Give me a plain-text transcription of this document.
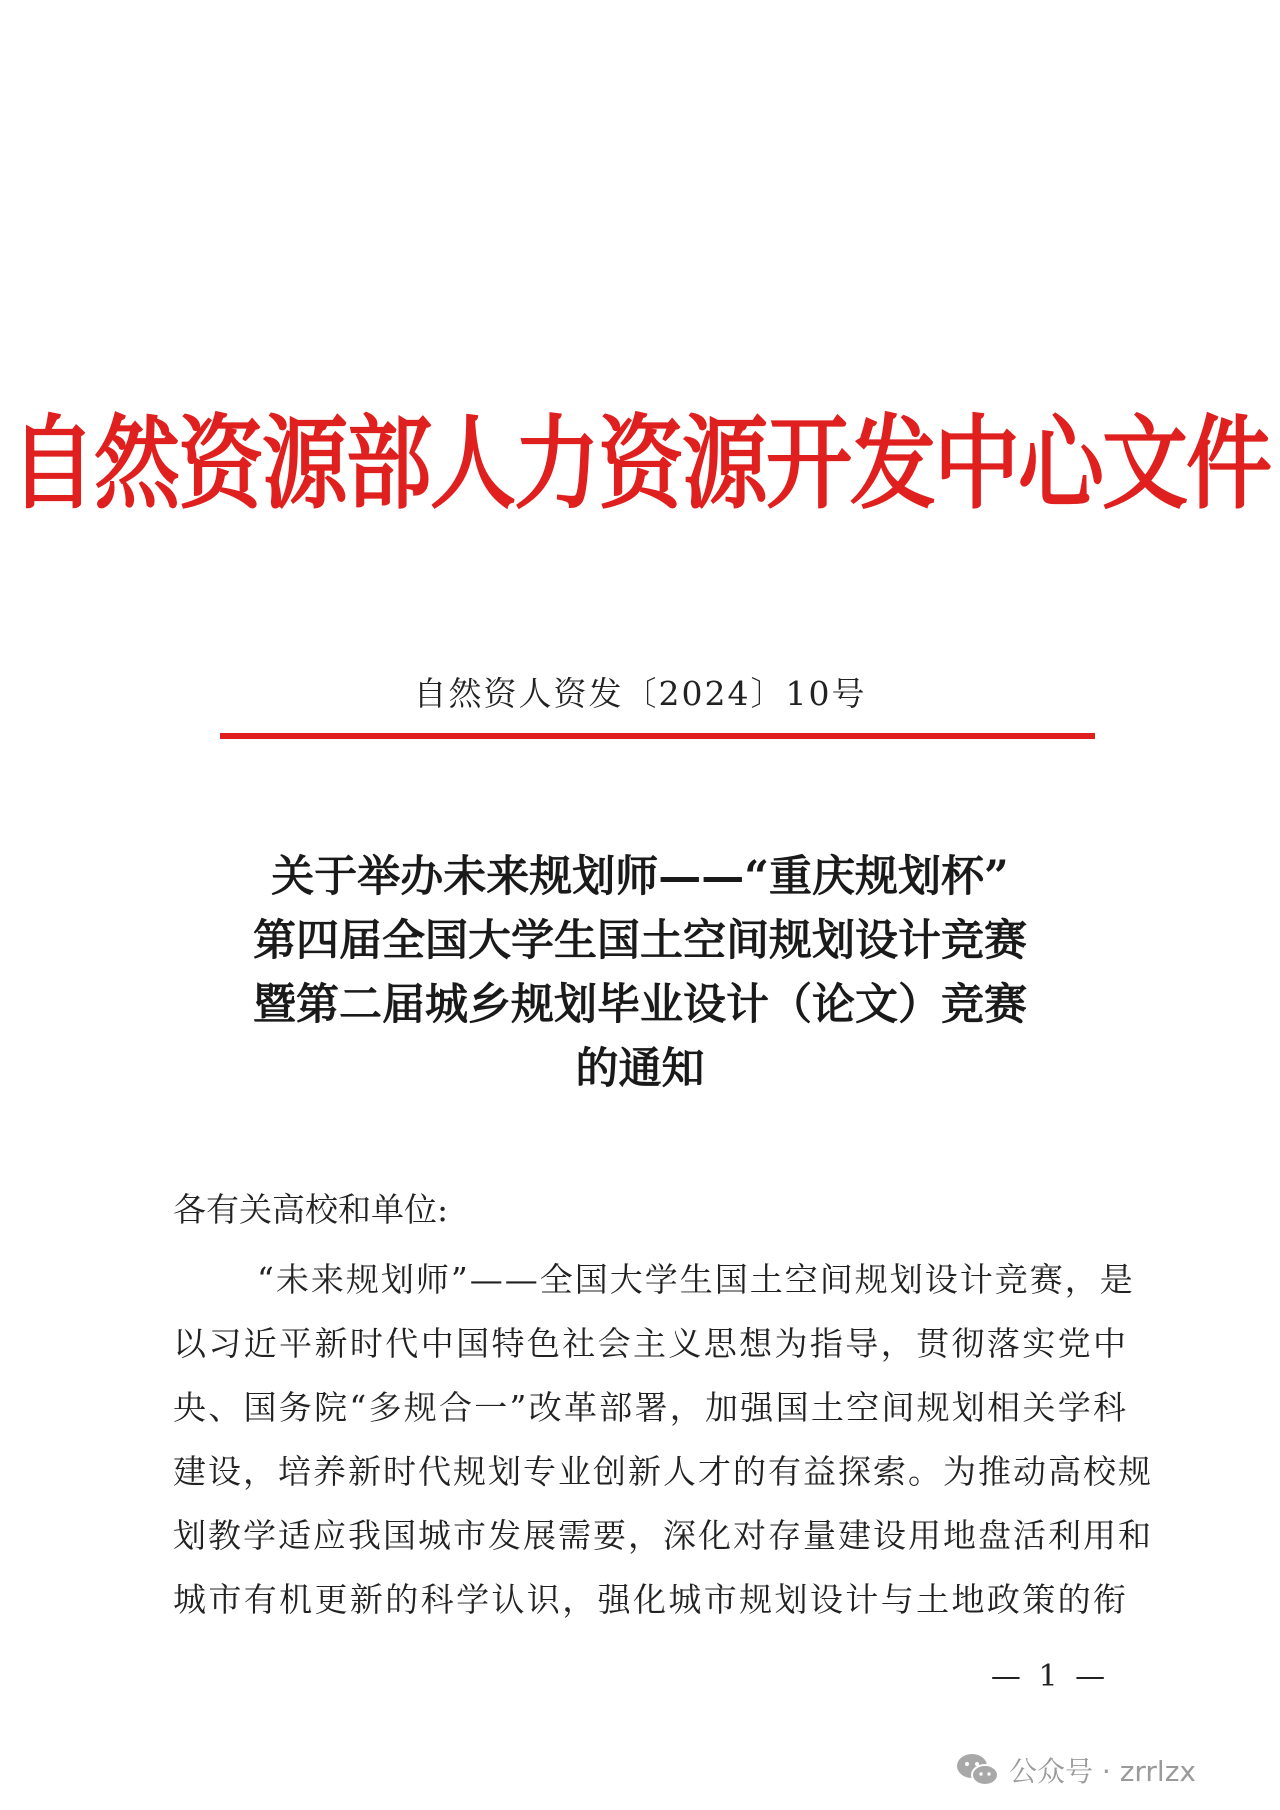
自然资源部人力资源开发中心文件
自然资人资发〔2024〕10号
关于举办未来规划师——“重庆规划杯”
第四届全国大学生国土空间规划设计竞赛
暨第二届城乡规划毕业设计（论文）竞赛
的通知
各有关高校和单位:
“未来规划师”——全国大学生国土空间规划设计竞赛，是
以习近平新时代中国特色社会主义思想为指导，贯彻落实党中
央、国务院“多规合一”改革部署，加强国土空间规划相关学科
建设，培养新时代规划专业创新人才的有益探索。为推动高校规
划教学适应我国城市发展需要，深化对存量建设用地盘活利用和
城市有机更新的科学认识，强化城市规划设计与土地政策的衔
— 1 —
公众号 · zrrlzx
